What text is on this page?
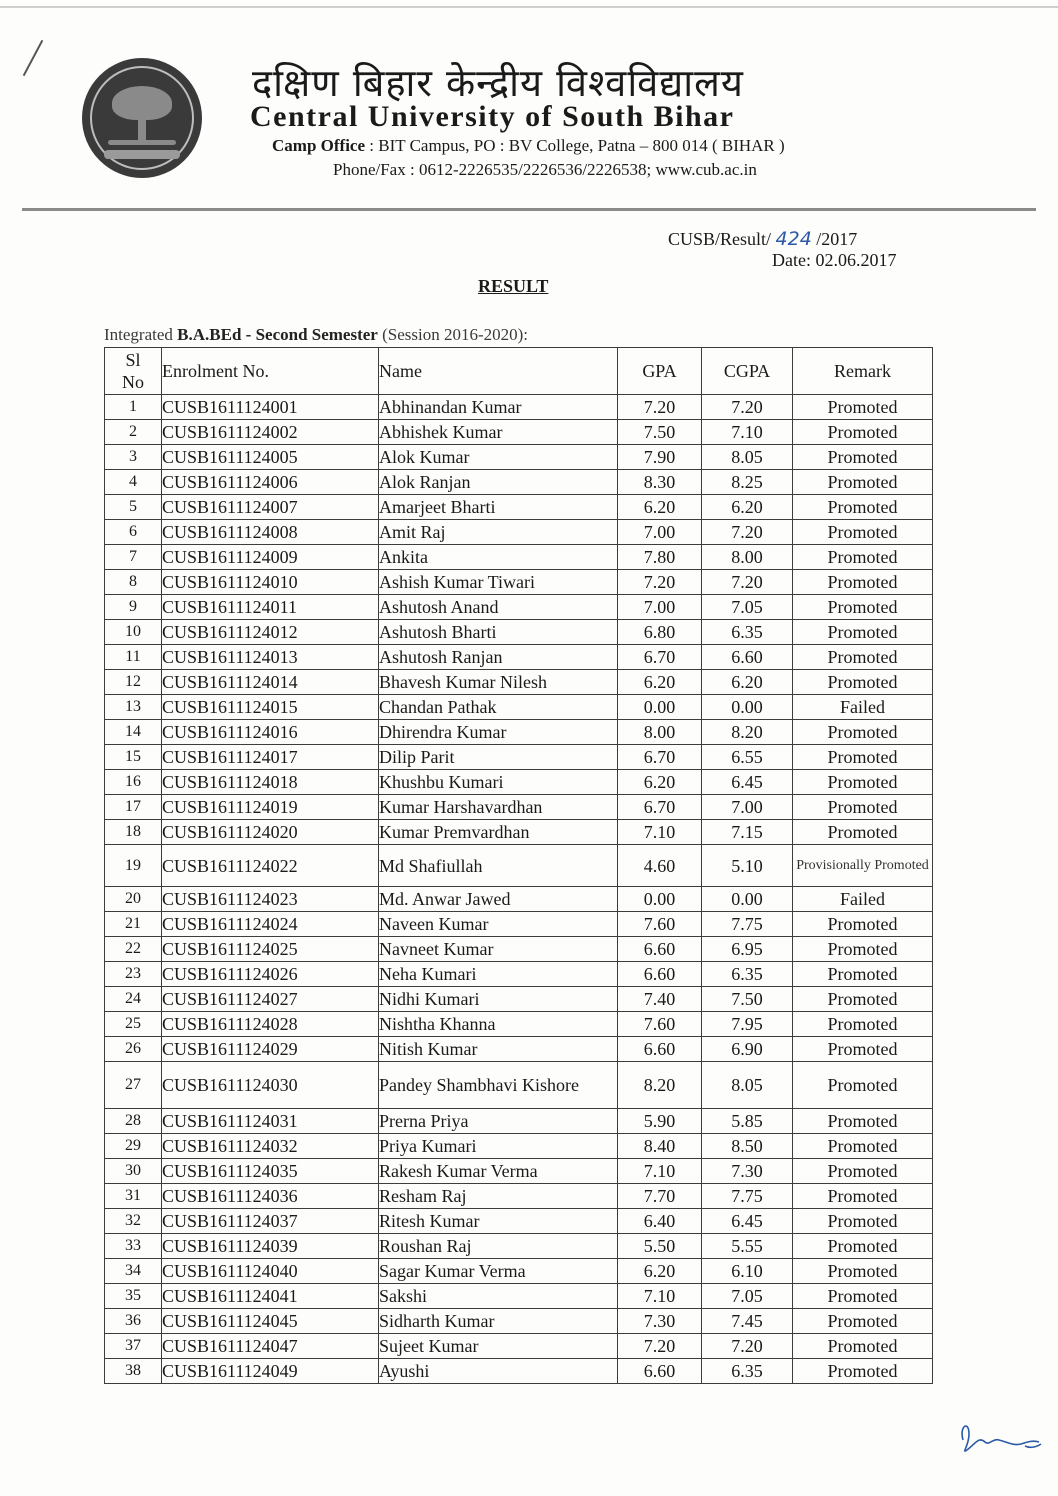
दक्षिण बिहार केन्द्रीय विश्वविद्यालय
Central University of South Bihar
Camp Office : BIT Campus, PO : BV College, Patna – 800 014 ( BIHAR )
Phone/Fax : 0612-2226535/2226536/2226538; www.cub.ac.in
CUSB/Result/ 424 /2017
Date: 02.06.2017
RESULT
Integrated B.A.BEd - Second Semester (Session 2016-2020):
Sl
No	Enrolment No.	Name	GPA	CGPA	Remark
1	CUSB1611124001	Abhinandan Kumar	7.20	7.20	Promoted
2	CUSB1611124002	Abhishek Kumar	7.50	7.10	Promoted
3	CUSB1611124005	Alok Kumar	7.90	8.05	Promoted
4	CUSB1611124006	Alok Ranjan	8.30	8.25	Promoted
5	CUSB1611124007	Amarjeet Bharti	6.20	6.20	Promoted
6	CUSB1611124008	Amit Raj	7.00	7.20	Promoted
7	CUSB1611124009	Ankita	7.80	8.00	Promoted
8	CUSB1611124010	Ashish Kumar Tiwari	7.20	7.20	Promoted
9	CUSB1611124011	Ashutosh Anand	7.00	7.05	Promoted
10	CUSB1611124012	Ashutosh Bharti	6.80	6.35	Promoted
11	CUSB1611124013	Ashutosh Ranjan	6.70	6.60	Promoted
12	CUSB1611124014	Bhavesh Kumar Nilesh	6.20	6.20	Promoted
13	CUSB1611124015	Chandan Pathak	0.00	0.00	Failed
14	CUSB1611124016	Dhirendra Kumar	8.00	8.20	Promoted
15	CUSB1611124017	Dilip Parit	6.70	6.55	Promoted
16	CUSB1611124018	Khushbu Kumari	6.20	6.45	Promoted
17	CUSB1611124019	Kumar Harshavardhan	6.70	7.00	Promoted
18	CUSB1611124020	Kumar Premvardhan	7.10	7.15	Promoted
19	CUSB1611124022	Md Shafiullah	4.60	5.10	Provisionally Promoted
20	CUSB1611124023	Md. Anwar Jawed	0.00	0.00	Failed
21	CUSB1611124024	Naveen Kumar	7.60	7.75	Promoted
22	CUSB1611124025	Navneet Kumar	6.60	6.95	Promoted
23	CUSB1611124026	Neha Kumari	6.60	6.35	Promoted
24	CUSB1611124027	Nidhi Kumari	7.40	7.50	Promoted
25	CUSB1611124028	Nishtha Khanna	7.60	7.95	Promoted
26	CUSB1611124029	Nitish Kumar	6.60	6.90	Promoted
27	CUSB1611124030	Pandey Shambhavi Kishore	8.20	8.05	Promoted
28	CUSB1611124031	Prerna Priya	5.90	5.85	Promoted
29	CUSB1611124032	Priya Kumari	8.40	8.50	Promoted
30	CUSB1611124035	Rakesh Kumar Verma	7.10	7.30	Promoted
31	CUSB1611124036	Resham Raj	7.70	7.75	Promoted
32	CUSB1611124037	Ritesh Kumar	6.40	6.45	Promoted
33	CUSB1611124039	Roushan Raj	5.50	5.55	Promoted
34	CUSB1611124040	Sagar Kumar Verma	6.20	6.10	Promoted
35	CUSB1611124041	Sakshi	7.10	7.05	Promoted
36	CUSB1611124045	Sidharth Kumar	7.30	7.45	Promoted
37	CUSB1611124047	Sujeet Kumar	7.20	7.20	Promoted
38	CUSB1611124049	Ayushi	6.60	6.35	Promoted
